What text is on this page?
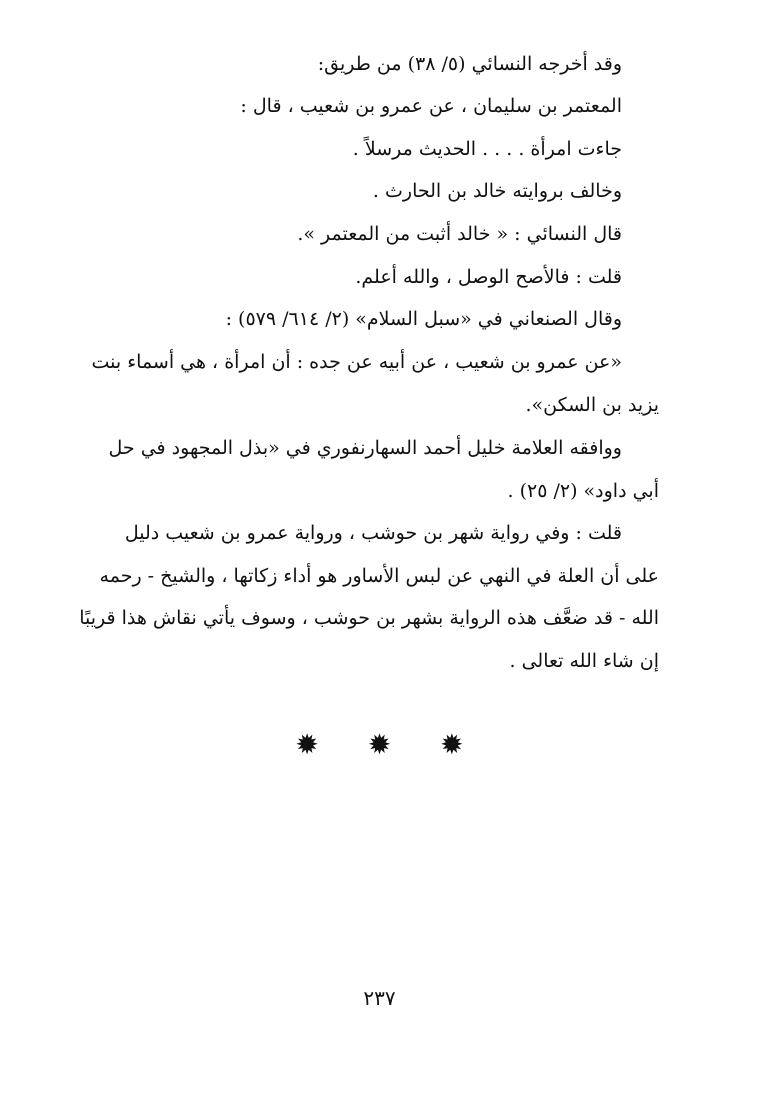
وقد أخرجه النسائي (٥/ ٣٨) من طريق:
المعتمر بن سليمان ، عن عمرو بن شعيب ، قال :
جاءت امرأة . . . . الحديث مرسلاً .
وخالف بروايته خالد بن الحارث .
قال النسائي : « خالد أثبت من المعتمر ».
قلت : فالأصح الوصل ، والله أعلم.
وقال الصنعاني في «سبل السلام» (٢/ ٦١٤/ ٥٧٩) :
«عن عمرو بن شعيب ، عن أبيه عن جده : أن امرأة ، هي أسماء بنت
يزيد بن السكن».
ووافقه العلامة خليل أحمد السهارنفوري في «بذل المجهود في حل
أبي داود» (٢/ ٢٥) .
قلت : وفي رواية شهر بن حوشب ، ورواية عمرو بن شعيب دليل
على أن العلة في النهي عن لبس الأساور هو أداء زكاتها ، والشيخ - رحمه
الله - قد ضعَّف هذه الرواية بشهر بن حوشب ، وسوف يأتي نقاش هذا قريبًا
إن شاء الله تعالى .
✹ ✹ ✹
٢٣٧
